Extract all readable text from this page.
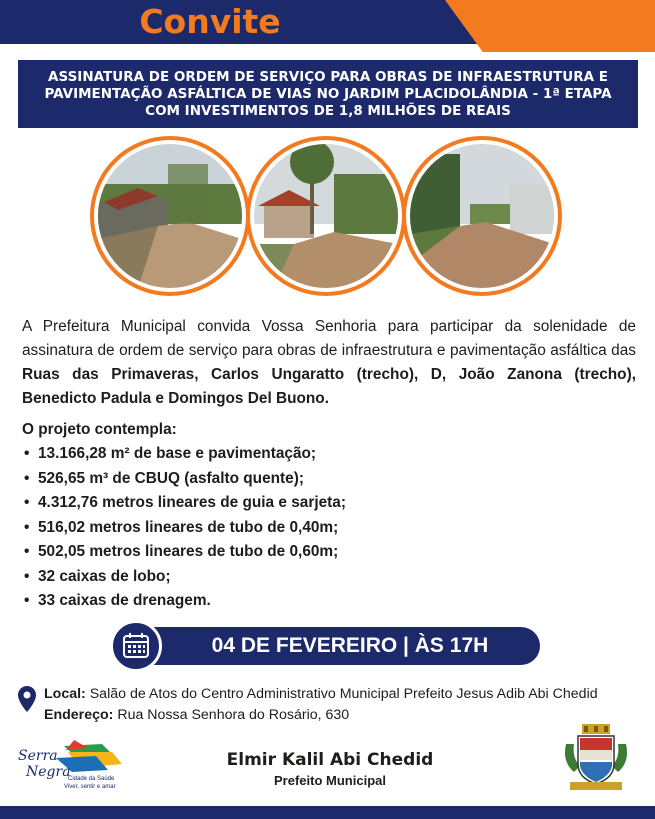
Convite
ASSINATURA DE ORDEM DE SERVIÇO PARA OBRAS DE INFRAESTRUTURA E PAVIMENTAÇÃO ASFÁLTICA DE VIAS NO JARDIM PLACIDOLÂNDIA - 1ª ETAPA COM INVESTIMENTOS DE 1,8 MILHÕES DE REAIS

A Prefeitura Municipal convida Vossa Senhoria para participar da solenidade de assinatura de ordem de serviço para obras de infraestrutura e pavimentação asfáltica das Ruas das Primaveras, Carlos Ungaratto (trecho), D, João Zanona (trecho), Benedicto Padula e Domingos Del Buono.

O projeto contempla:
• 13.166,28 m² de base e pavimentação;
• 526,65 m³ de CBUQ (asfalto quente);
• 4.312,76 metros lineares de guia e sarjeta;
• 516,02 metros lineares de tubo de 0,40m;
• 502,05 metros lineares de tubo de 0,60m;
• 32 caixas de lobo;
• 33 caixas de drenagem.
04 DE FEVEREIRO | ÀS 17H
Local: Salão de Atos do Centro Administrativo Municipal Prefeito Jesus Adib Abi Chedid
Endereço: Rua Nossa Senhora do Rosário, 630
Serra
Negra
Cidade da Saúde
Viver, sentir e amar
Elmir Kalil Abi Chedid
Prefeito Municipal
